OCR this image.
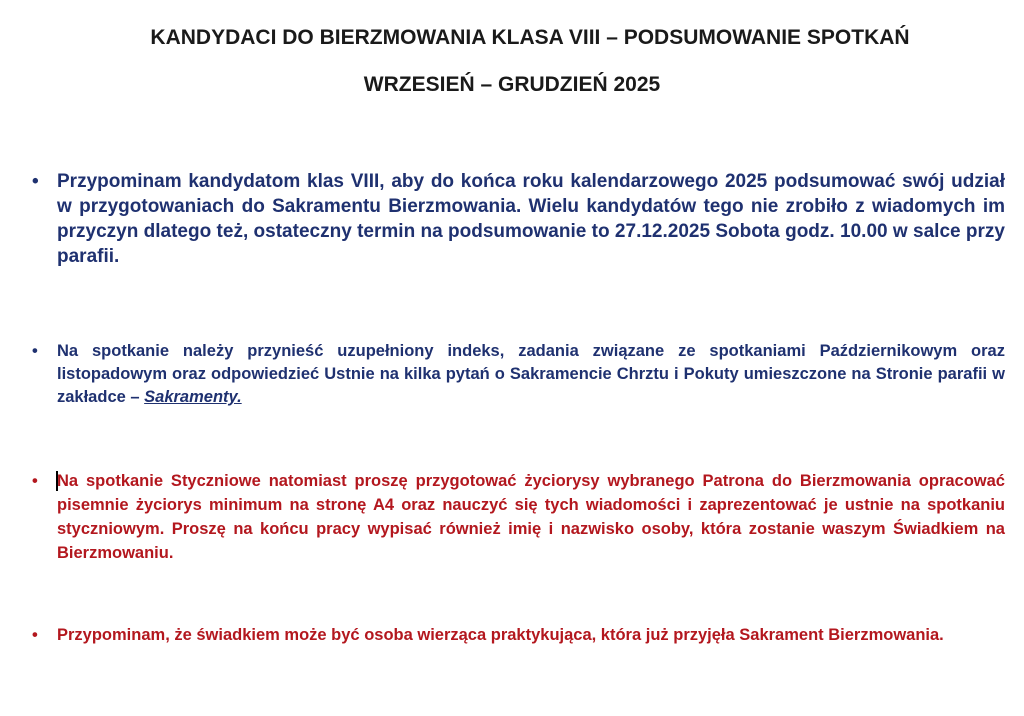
KANDYDACI DO BIERZMOWANIA KLASA VIII – PODSUMOWANIE SPOTKAŃ
WRZESIEŃ – GRUDZIEŃ 2025
• Przypominam kandydatom klas VIII, aby do końca roku kalendarzowego 2025 podsumować swój udział w przygotowaniach do Sakramentu Bierzmowania. Wielu kandydatów tego nie zrobiło z wiadomych im przyczyn dlatego też, ostateczny termin na podsumowanie to 27.12.2025 Sobota godz. 10.00 w salce przy parafii.
• Na spotkanie należy przynieść uzupełniony indeks, zadania związane ze spotkaniami Październikowym oraz listopadowym oraz odpowiedzieć Ustnie na kilka pytań o Sakramencie Chrztu i Pokuty umieszczone na Stronie parafii w zakładce – Sakramenty.
• Na spotkanie Styczniowe natomiast proszę przygotować życiorysy wybranego Patrona do Bierzmowania opracować pisemnie życiorys minimum na stronę A4 oraz nauczyć się tych wiadomości i zaprezentować je ustnie na spotkaniu styczniowym. Proszę na końcu pracy wypisać również imię i nazwisko osoby, która zostanie waszym Świadkiem na Bierzmowaniu.
• Przypominam, że świadkiem może być osoba wierząca praktykująca, która już przyjęła Sakrament Bierzmowania.
